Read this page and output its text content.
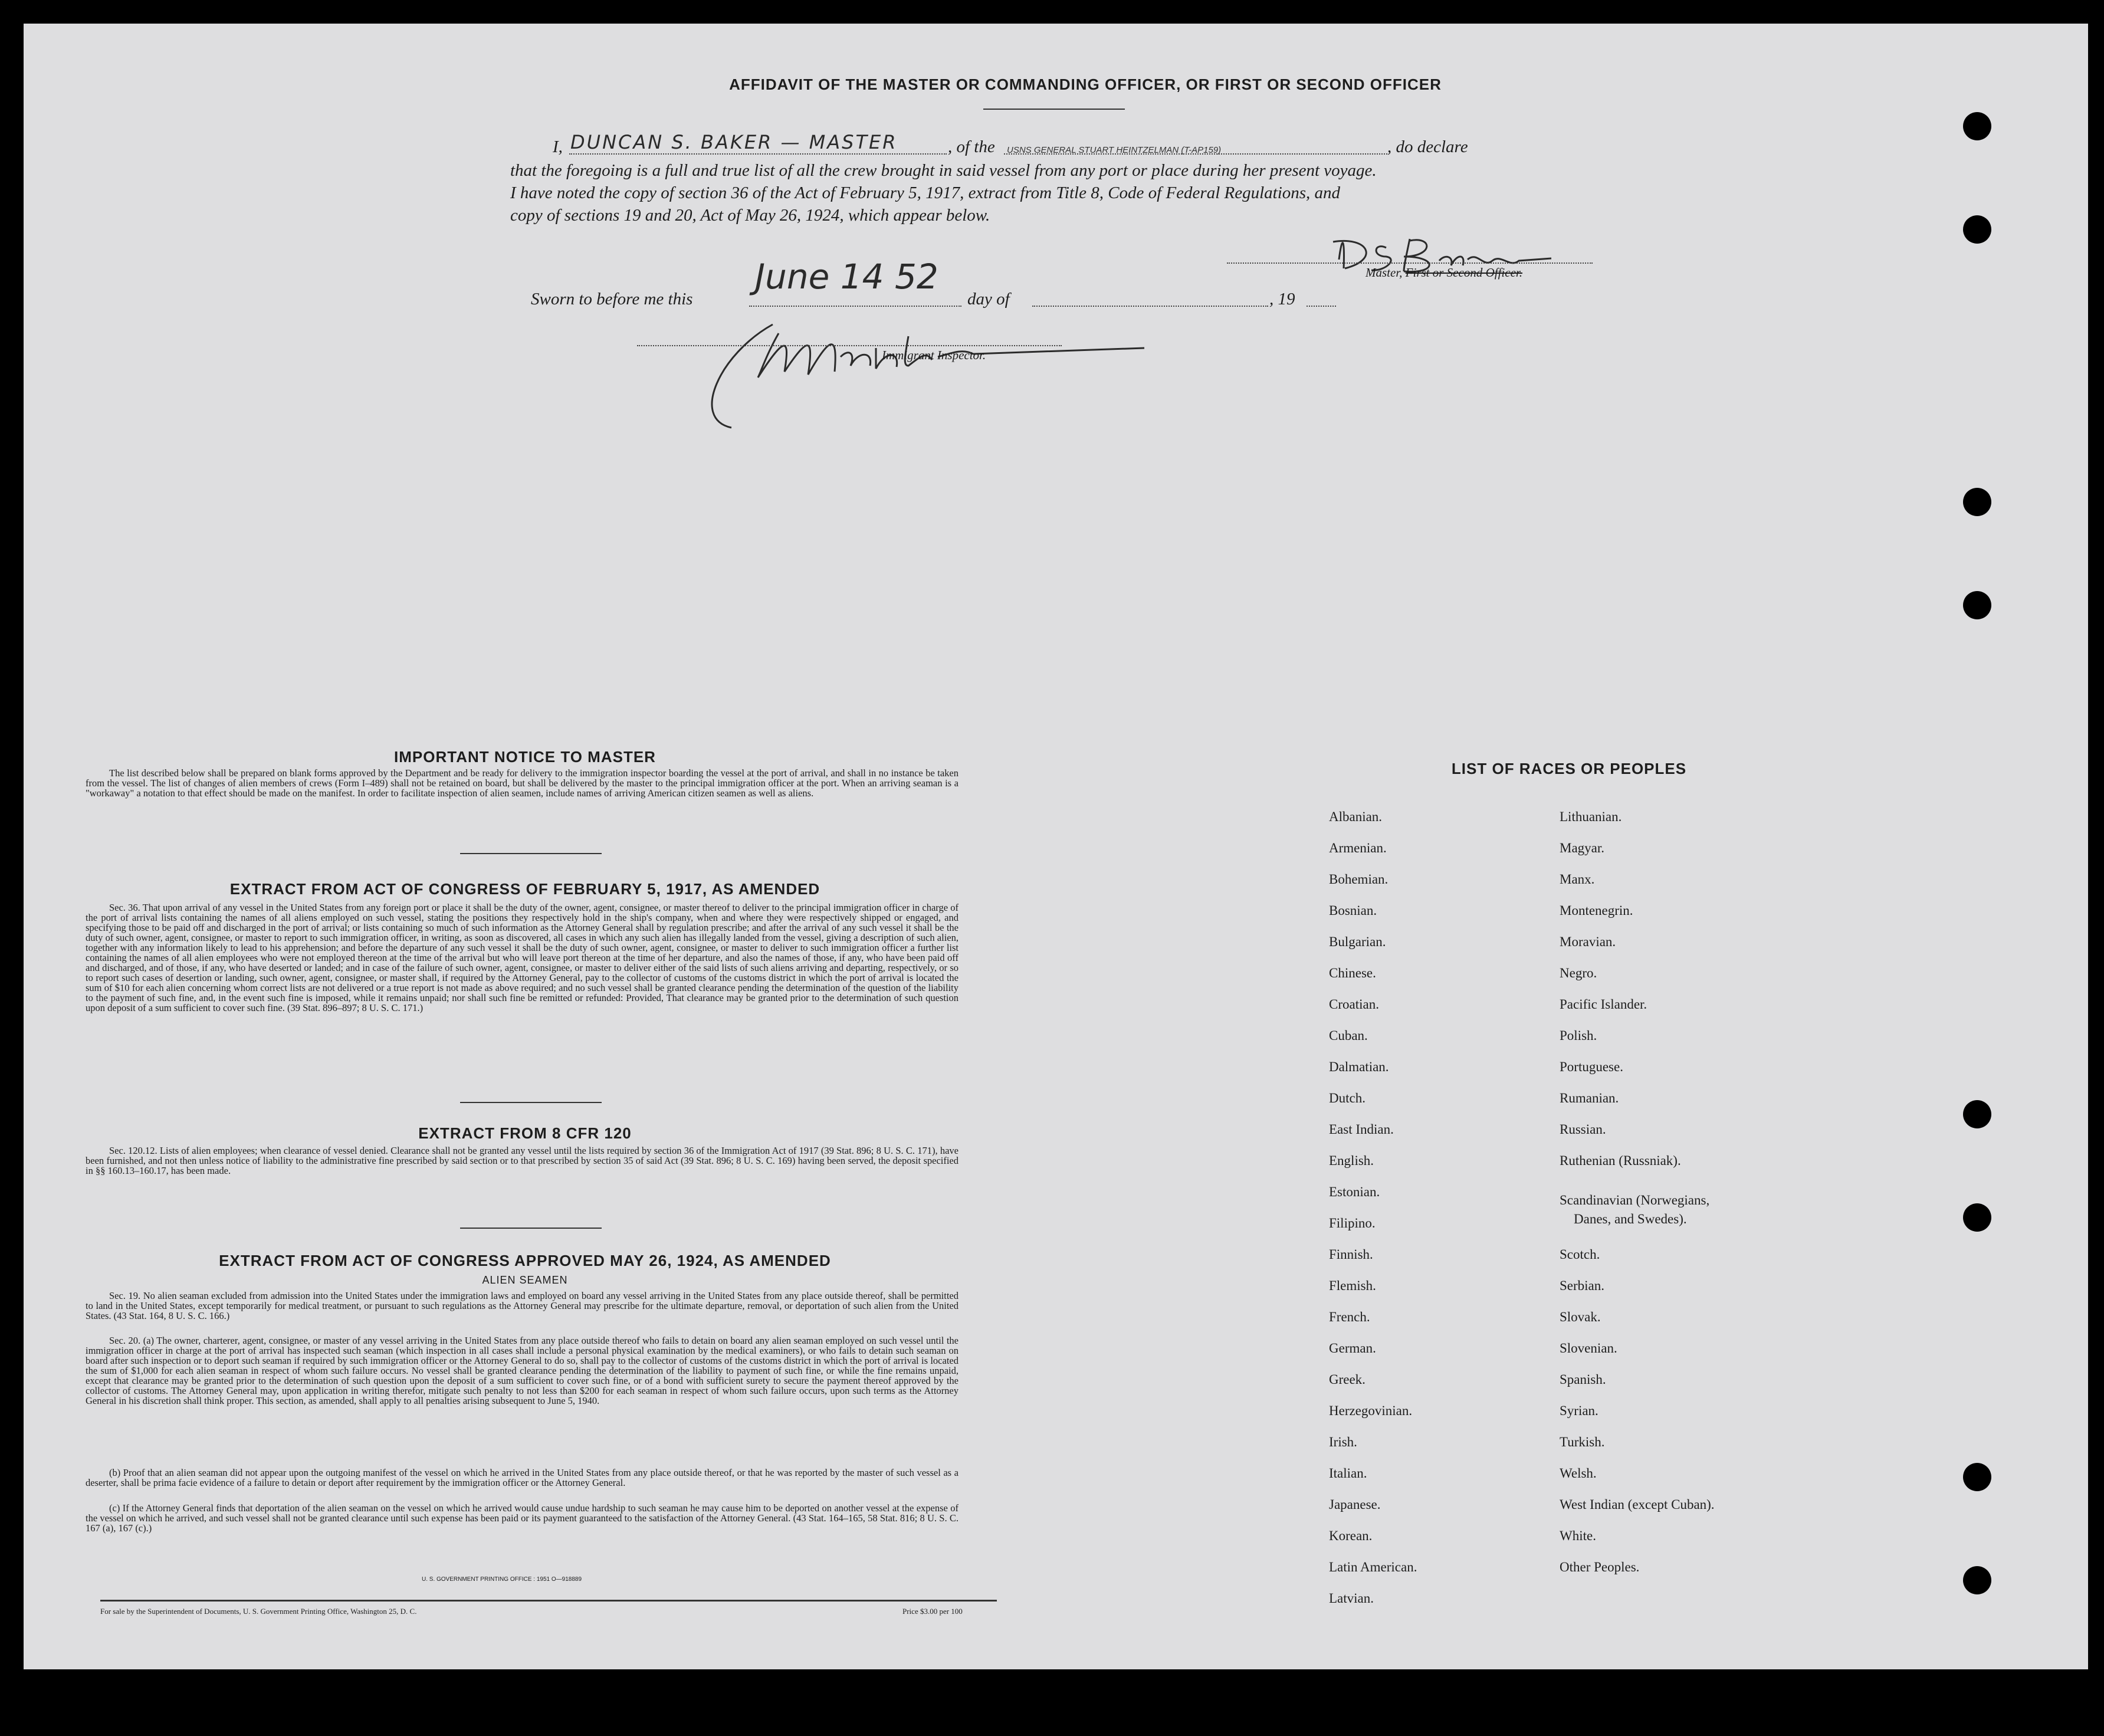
AFFIDAVIT OF THE MASTER OR COMMANDING OFFICER, OR FIRST OR SECOND OFFICER
I, DUNCAN S. BAKER — MASTER	, of the USNS GENERAL STUART HEINTZELMAN (T-AP159)	, do declare
that the foregoing is a full and true list of all the crew brought in said vessel from any port or place during her present voyage.
I have noted the copy of section 36 of the Act of February 5, 1917, extract from Title 8, Code of Federal Regulations, and
copy of sections 19 and 20, Act of May 26, 1924, which appear below.
Master, First or Second Officer.
Sworn to before me this
June 14 52
day of	, 19
Immigrant Inspector.
IMPORTANT NOTICE TO MASTER
The list described below shall be prepared on blank forms approved by the Department and be ready for delivery to the immigration inspector boarding the vessel at the port of arrival, and shall in no instance be taken from the vessel. The list of changes of alien members of crews (Form I–489) shall not be retained on board, but shall be delivered by the master to the principal immigration officer at the port. When an arriving seaman is a "workaway" a notation to that effect should be made on the manifest. In order to facilitate inspection of alien seamen, include names of arriving American citizen seamen as well as aliens.
EXTRACT FROM ACT OF CONGRESS OF FEBRUARY 5, 1917, AS AMENDED
Sec. 36. That upon arrival of any vessel in the United States from any foreign port or place it shall be the duty of the owner, agent, consignee, or master thereof to deliver to the principal immigration officer in charge of the port of arrival lists containing the names of all aliens employed on such vessel, stating the positions they respectively hold in the ship's company, when and where they were respectively shipped or engaged, and specifying those to be paid off and discharged in the port of arrival; or lists containing so much of such information as the Attorney General shall by regulation prescribe; and after the arrival of any such vessel it shall be the duty of such owner, agent, consignee, or master to report to such immigration officer, in writing, as soon as discovered, all cases in which any such alien has illegally landed from the vessel, giving a description of such alien, together with any information likely to lead to his apprehension; and before the departure of any such vessel it shall be the duty of such owner, agent, consignee, or master to deliver to such immigration officer a further list containing the names of all alien employees who were not employed thereon at the time of the arrival but who will leave port thereon at the time of her departure, and also the names of those, if any, who have been paid off and discharged, and of those, if any, who have deserted or landed; and in case of the failure of such owner, agent, consignee, or master to deliver either of the said lists of such aliens arriving and departing, respectively, or so to report such cases of desertion or landing, such owner, agent, consignee, or master shall, if required by the Attorney General, pay to the collector of customs of the customs district in which the port of arrival is located the sum of $10 for each alien concerning whom correct lists are not delivered or a true report is not made as above required; and no such vessel shall be granted clearance pending the determination of the question of the liability to the payment of such fine, and, in the event such fine is imposed, while it remains unpaid; nor shall such fine be remitted or refunded: Provided, That clearance may be granted prior to the determination of such question upon deposit of a sum sufficient to cover such fine. (39 Stat. 896–897; 8 U. S. C. 171.)
EXTRACT FROM 8 CFR 120
Sec. 120.12. Lists of alien employees; when clearance of vessel denied. Clearance shall not be granted any vessel until the lists required by section 36 of the Immigration Act of 1917 (39 Stat. 896; 8 U. S. C. 171), have been furnished, and not then unless notice of liability to the administrative fine prescribed by said section or to that prescribed by section 35 of said Act (39 Stat. 896; 8 U. S. C. 169) having been served, the deposit specified in §§ 160.13–160.17, has been made.
EXTRACT FROM ACT OF CONGRESS APPROVED MAY 26, 1924, AS AMENDED
ALIEN SEAMEN
Sec. 19. No alien seaman excluded from admission into the United States under the immigration laws and employed on board any vessel arriving in the United States from any place outside thereof, shall be permitted to land in the United States, except temporarily for medical treatment, or pursuant to such regulations as the Attorney General may prescribe for the ultimate departure, removal, or deportation of such alien from the United States. (43 Stat. 164, 8 U. S. C. 166.)
Sec. 20. (a) The owner, charterer, agent, consignee, or master of any vessel arriving in the United States from any place outside thereof who fails to detain on board any alien seaman employed on such vessel until the immigration officer in charge at the port of arrival has inspected such seaman (which inspection in all cases shall include a personal physical examination by the medical examiners), or who fails to detain such seaman on board after such inspection or to deport such seaman if required by such immigration officer or the Attorney General to do so, shall pay to the collector of customs of the customs district in which the port of arrival is located the sum of $1,000 for each alien seaman in respect of whom such failure occurs. No vessel shall be granted clearance pending the determination of the liability to payment of such fine, or while the fine remains unpaid, except that clearance may be granted prior to the determination of such question upon the deposit of a sum sufficient to cover such fine, or of a bond with sufficient surety to secure the payment thereof approved by the collector of customs. The Attorney General may, upon application in writing therefor, mitigate such penalty to not less than $200 for each seaman in respect of whom such failure occurs, upon such terms as the Attorney General in his discretion shall think proper. This section, as amended, shall apply to all penalties arising subsequent to June 5, 1940.
(b) Proof that an alien seaman did not appear upon the outgoing manifest of the vessel on which he arrived in the United States from any place outside thereof, or that he was reported by the master of such vessel as a deserter, shall be prima facie evidence of a failure to detain or deport after requirement by the immigration officer or the Attorney General.
(c) If the Attorney General finds that deportation of the alien seaman on the vessel on which he arrived would cause undue hardship to such seaman he may cause him to be deported on another vessel at the expense of the vessel on which he arrived, and such vessel shall not be granted clearance until such expense has been paid or its payment guaranteed to the satisfaction of the Attorney General. (43 Stat. 164–165, 58 Stat. 816; 8 U. S. C. 167 (a), 167 (c).)
U. S. GOVERNMENT PRINTING OFFICE : 1951 O—918889
For sale by the Superintendent of Documents, U. S. Government Printing Office, Washington 25, D. C.	Price $3.00 per 100
LIST OF RACES OR PEOPLES
Albanian.
Armenian.
Bohemian.
Bosnian.
Bulgarian.
Chinese.
Croatian.
Cuban.
Dalmatian.
Dutch.
East Indian.
English.
Estonian.
Filipino.
Finnish.
Flemish.
French.
German.
Greek.
Herzegovinian.
Irish.
Italian.
Japanese.
Korean.
Latin American.
Latvian.
Lithuanian.
Magyar.
Manx.
Montenegrin.
Moravian.
Negro.
Pacific Islander.
Polish.
Portuguese.
Rumanian.
Russian.
Ruthenian (Russniak).
Scandinavian (Norwegians,
Danes, and Swedes).
Scotch.
Serbian.
Slovak.
Slovenian.
Spanish.
Syrian.
Turkish.
Welsh.
West Indian (except Cuban).
White.
Other Peoples.
